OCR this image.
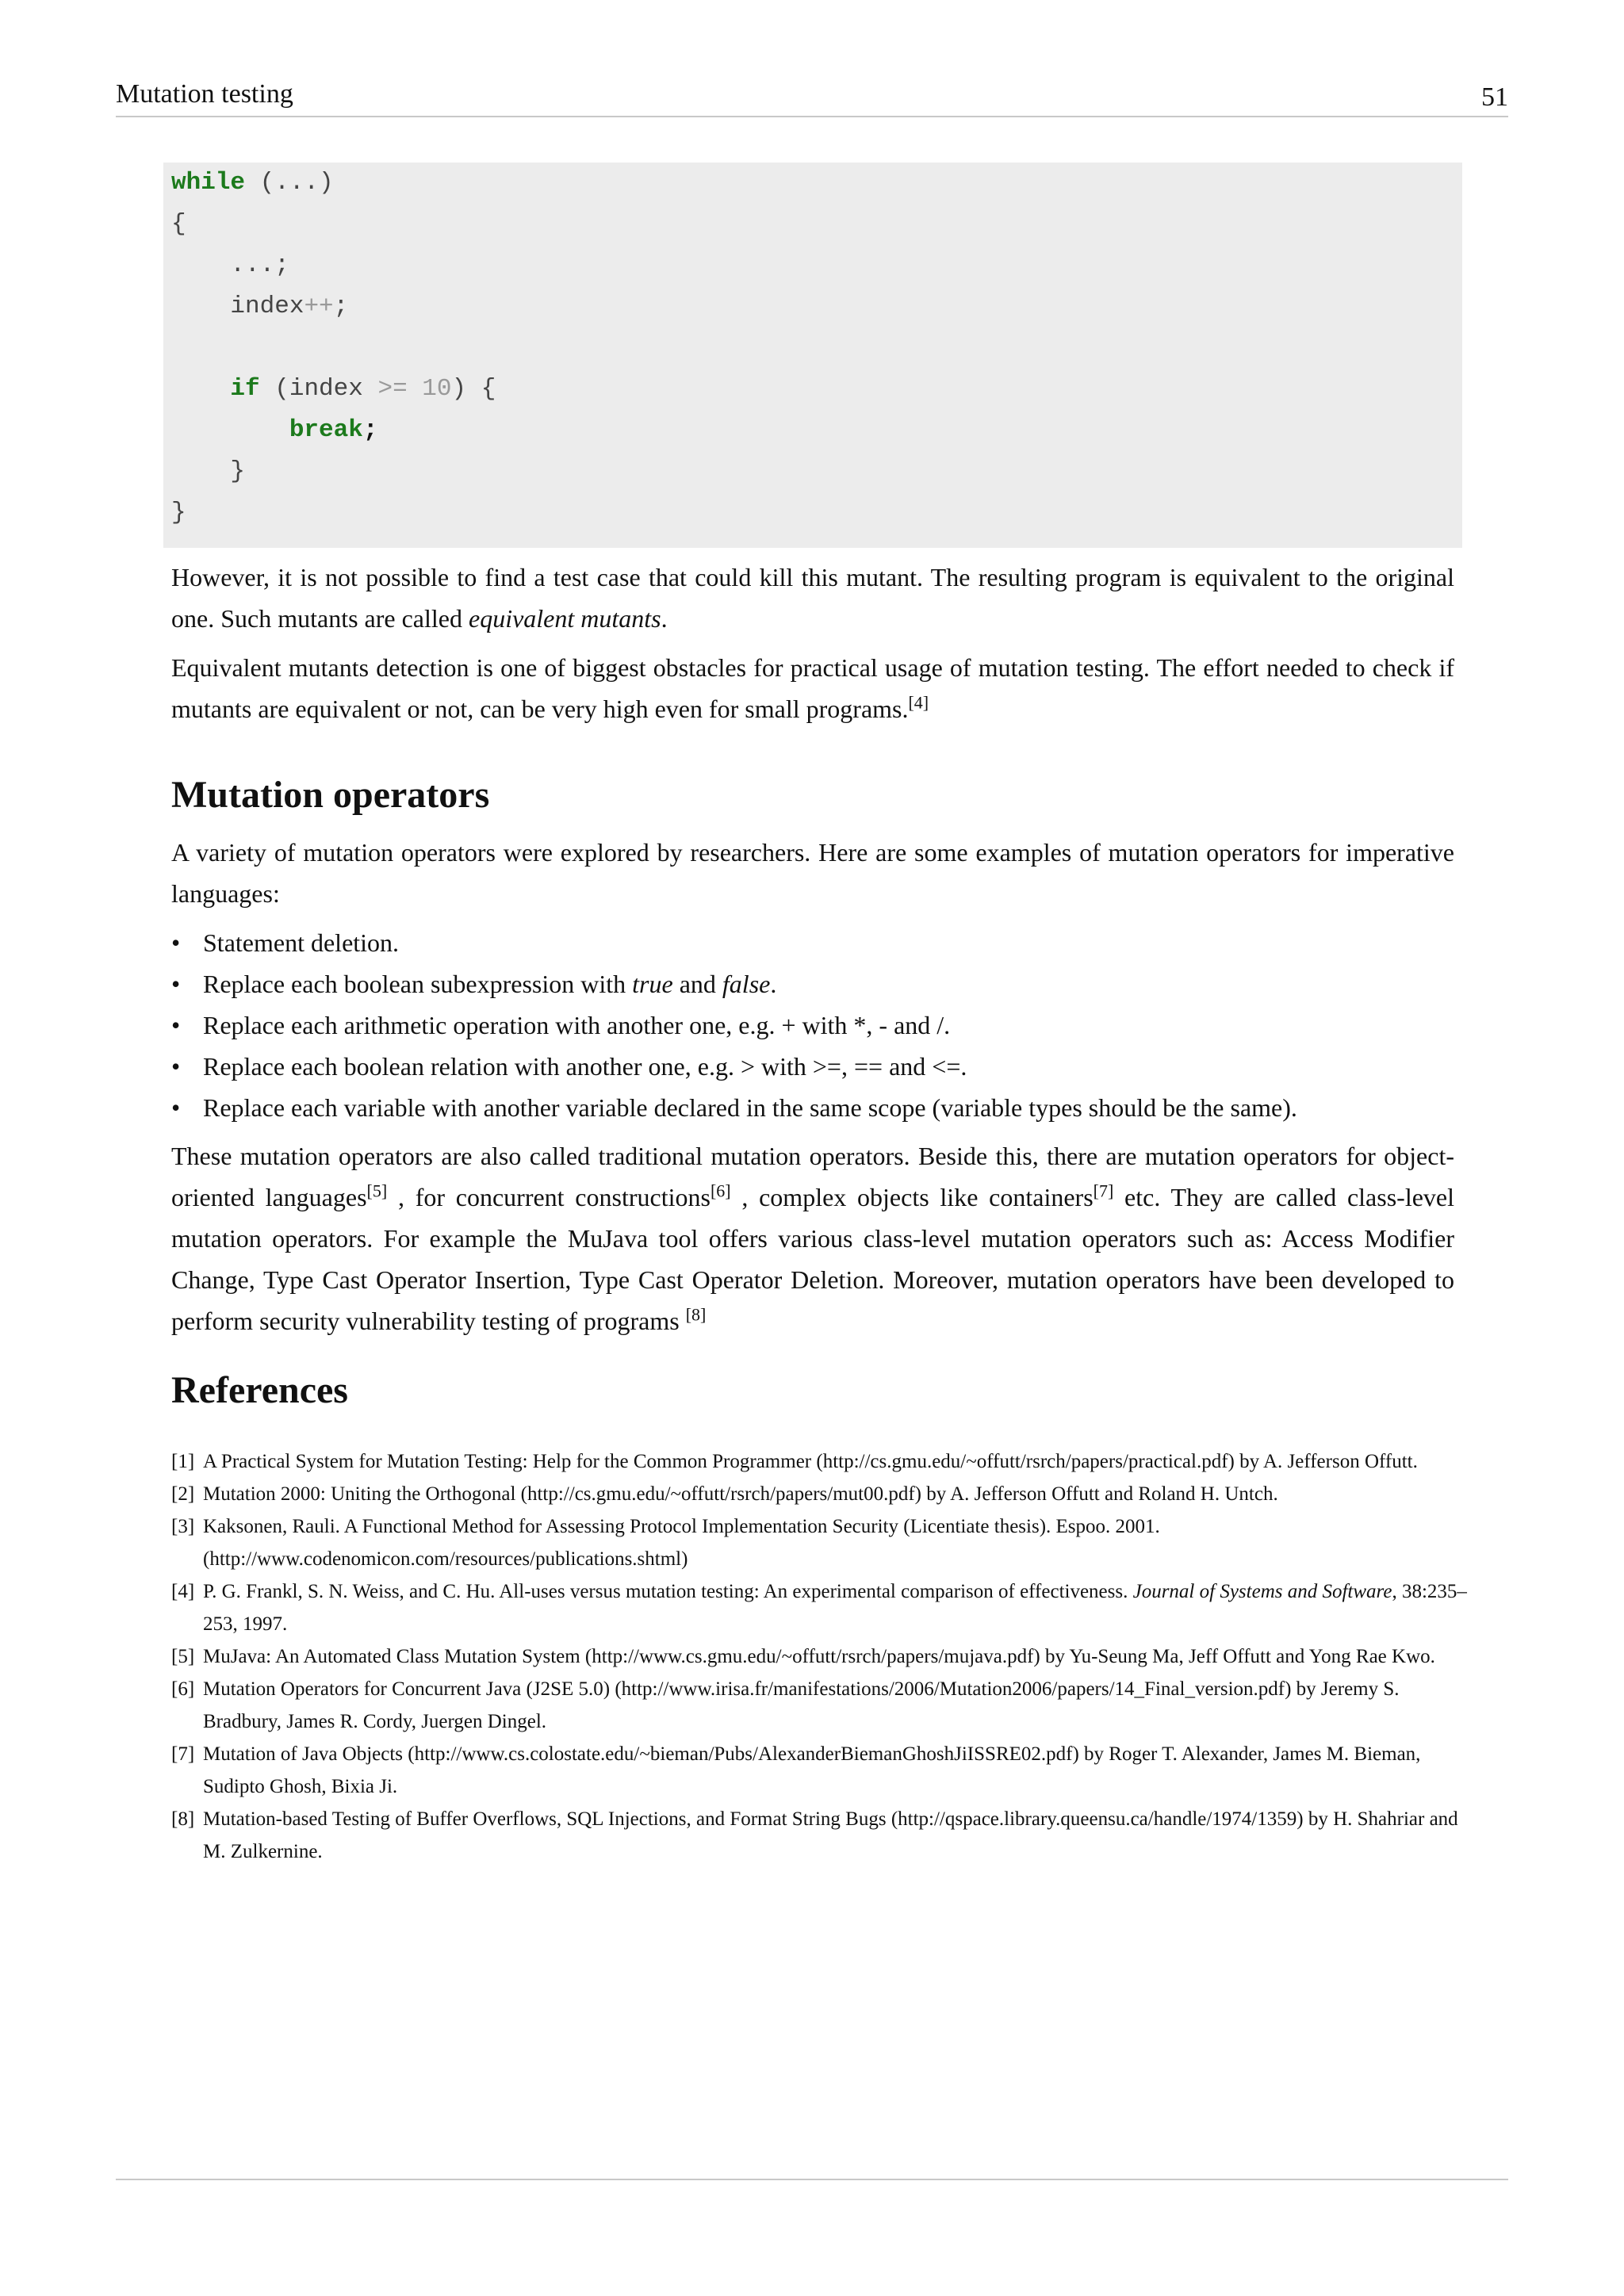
Mutation testing	51
while (...)
{
...;
index++;
if (index >= 10) {
break;
}
}

However, it is not possible to find a test case that could kill this mutant. The resulting program is equivalent to the original one. Such mutants are called equivalent mutants.

Equivalent mutants detection is one of biggest obstacles for practical usage of mutation testing. The effort needed to check if mutants are equivalent or not, can be very high even for small programs.[4]

Mutation operators

A variety of mutation operators were explored by researchers. Here are some examples of mutation operators for imperative languages:

• Statement deletion.
• Replace each boolean subexpression with true and false.
• Replace each arithmetic operation with another one, e.g. + with *, - and /.
• Replace each boolean relation with another one, e.g. > with >=, == and <=.
• Replace each variable with another variable declared in the same scope (variable types should be the same).

These mutation operators are also called traditional mutation operators. Beside this, there are mutation operators for object-oriented languages[5] , for concurrent constructions[6] , complex objects like containers[7] etc. They are called class-level mutation operators. For example the MuJava tool offers various class-level mutation operators such as: Access Modifier Change, Type Cast Operator Insertion, Type Cast Operator Deletion. Moreover, mutation operators have been developed to perform security vulnerability testing of programs [8]

References
[1] A Practical System for Mutation Testing: Help for the Common Programmer (http://cs.gmu.edu/~offutt/rsrch/papers/practical.pdf) by A. Jefferson Offutt.
[2] Mutation 2000: Uniting the Orthogonal (http://cs.gmu.edu/~offutt/rsrch/papers/mut00.pdf) by A. Jefferson Offutt and Roland H. Untch.
[3] Kaksonen, Rauli. A Functional Method for Assessing Protocol Implementation Security (Licentiate thesis). Espoo. 2001. (http://www.codenomicon.com/resources/publications.shtml)
[4] P. G. Frankl, S. N. Weiss, and C. Hu. All-uses versus mutation testing: An experimental comparison of effectiveness. Journal of Systems and Software, 38:235–253, 1997.
[5] MuJava: An Automated Class Mutation System (http://www.cs.gmu.edu/~offutt/rsrch/papers/mujava.pdf) by Yu-Seung Ma, Jeff Offutt and Yong Rae Kwo.
[6] Mutation Operators for Concurrent Java (J2SE 5.0) (http://www.irisa.fr/manifestations/2006/Mutation2006/papers/14_Final_version.pdf) by Jeremy S. Bradbury, James R. Cordy, Juergen Dingel.
[7] Mutation of Java Objects (http://www.cs.colostate.edu/~bieman/Pubs/AlexanderBiemanGhoshJiISSRE02.pdf) by Roger T. Alexander, James M. Bieman, Sudipto Ghosh, Bixia Ji.
[8] Mutation-based Testing of Buffer Overflows, SQL Injections, and Format String Bugs (http://qspace.library.queensu.ca/handle/1974/1359) by H. Shahriar and M. Zulkernine.
